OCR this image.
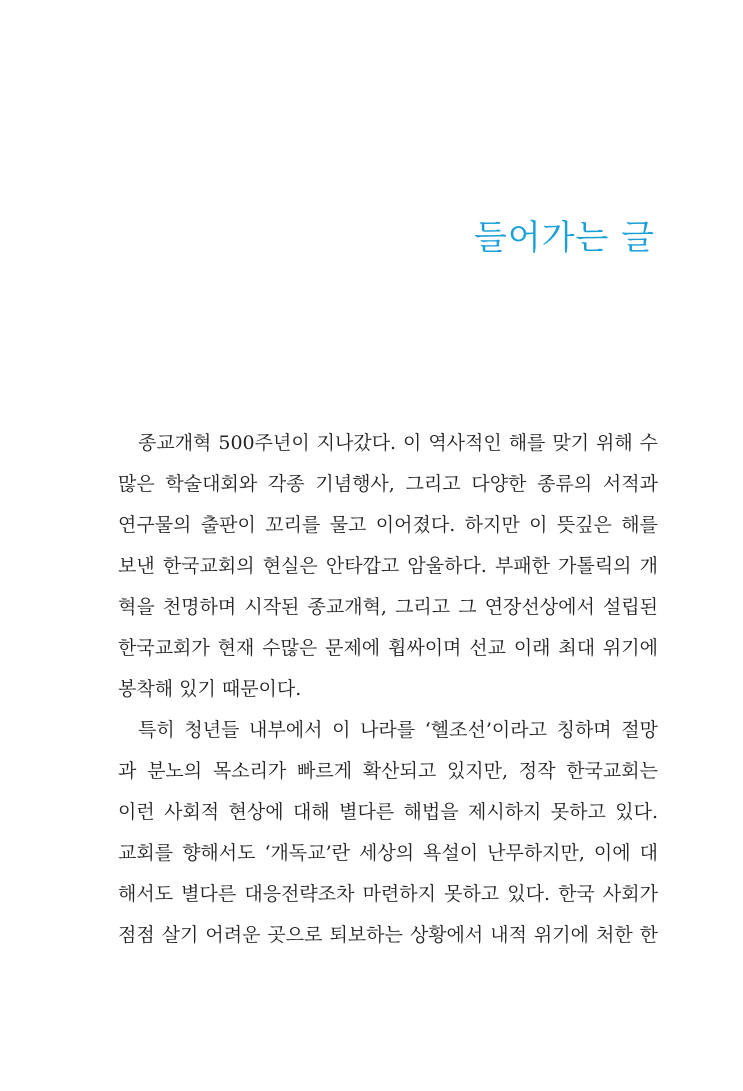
들어가는 글
종교개혁 500주년이 지나갔다. 이 역사적인 해를 맞기 위해 수
많은 학술대회와 각종 기념행사, 그리고 다양한 종류의 서적과
연구물의 출판이 꼬리를 물고 이어졌다. 하지만 이 뜻깊은 해를
보낸 한국교회의 현실은 안타깝고 암울하다. 부패한 가톨릭의 개
혁을 천명하며 시작된 종교개혁, 그리고 그 연장선상에서 설립된
한국교회가 현재 수많은 문제에 휩싸이며 선교 이래 최대 위기에
봉착해 있기 때문이다.
특히 청년들 내부에서 이 나라를 ‘헬조선’이라고 칭하며 절망
과 분노의 목소리가 빠르게 확산되고 있지만, 정작 한국교회는
이런 사회적 현상에 대해 별다른 해법을 제시하지 못하고 있다.
교회를 향해서도 ‘개독교’란 세상의 욕설이 난무하지만, 이에 대
해서도 별다른 대응전략조차 마련하지 못하고 있다. 한국 사회가
점점 살기 어려운 곳으로 퇴보하는 상황에서 내적 위기에 처한 한
